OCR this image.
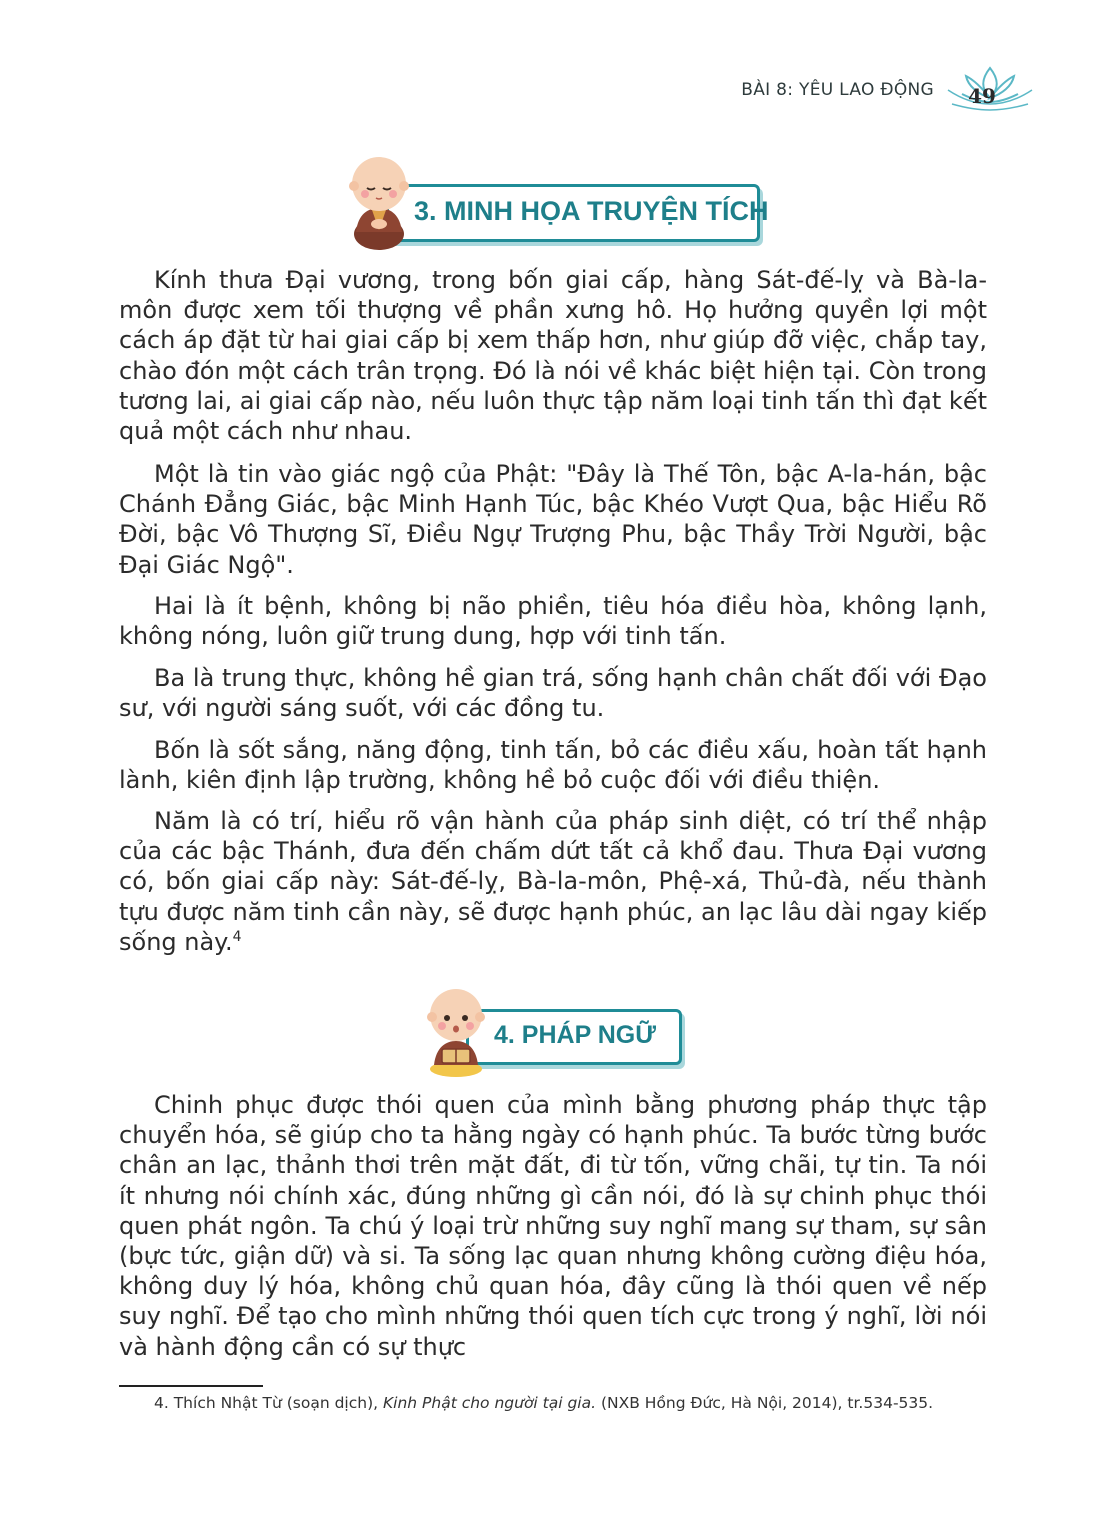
BÀI 8: YÊU LAO ĐỘNG	49
3. MINH HỌA TRUYỆN TÍCH

Kính thưa Đại vương, trong bốn giai cấp, hàng Sát-đế-lỵ và Bà-la-môn được xem tối thượng về phần xưng hô. Họ hưởng quyền lợi một cách áp đặt từ hai giai cấp bị xem thấp hơn, như giúp đỡ việc, chắp tay, chào đón một cách trân trọng. Đó là nói về khác biệt hiện tại. Còn trong tương lai, ai giai cấp nào, nếu luôn thực tập năm loại tinh tấn thì đạt kết quả một cách như nhau.

Một là tin vào giác ngộ của Phật: "Đây là Thế Tôn, bậc A-la-hán, bậc Chánh Đẳng Giác, bậc Minh Hạnh Túc, bậc Khéo Vượt Qua, bậc Hiểu Rõ Đời, bậc Vô Thượng Sĩ, Điều Ngự Trượng Phu, bậc Thầy Trời Người, bậc Đại Giác Ngộ".

Hai là ít bệnh, không bị não phiền, tiêu hóa điều hòa, không lạnh, không nóng, luôn giữ trung dung, hợp với tinh tấn.

Ba là trung thực, không hề gian trá, sống hạnh chân chất đối với Đạo sư, với người sáng suốt, với các đồng tu.

Bốn là sốt sắng, năng động, tinh tấn, bỏ các điều xấu, hoàn tất hạnh lành, kiên định lập trường, không hề bỏ cuộc đối với điều thiện.

Năm là có trí, hiểu rõ vận hành của pháp sinh diệt, có trí thể nhập của các bậc Thánh, đưa đến chấm dứt tất cả khổ đau. Thưa Đại vương có, bốn giai cấp này: Sát-đế-lỵ, Bà-la-môn, Phệ-xá, Thủ-đà, nếu thành tựu được năm tinh cần này, sẽ được hạnh phúc, an lạc lâu dài ngay kiếp sống này.$^4$

4. PHÁP NGỮ

Chinh phục được thói quen của mình bằng phương pháp thực tập chuyển hóa, sẽ giúp cho ta hằng ngày có hạnh phúc. Ta bước từng bước chân an lạc, thảnh thơi trên mặt đất, đi từ tốn, vững chãi, tự tin. Ta nói ít nhưng nói chính xác, đúng những gì cần nói, đó là sự chinh phục thói quen phát ngôn. Ta chú ý loại trừ những suy nghĩ mang sự tham, sự sân (bực tức, giận dữ) và si. Ta sống lạc quan nhưng không cường điệu hóa, không duy lý hóa, không chủ quan hóa, đây cũng là thói quen về nếp suy nghĩ. Để tạo cho mình những thói quen tích cực trong ý nghĩ, lời nói và hành động cần có sự thực

4. Thích Nhật Từ (soạn dịch), Kinh Phật cho người tại gia. (NXB Hồng Đức, Hà Nội, 2014), tr.534-535.
